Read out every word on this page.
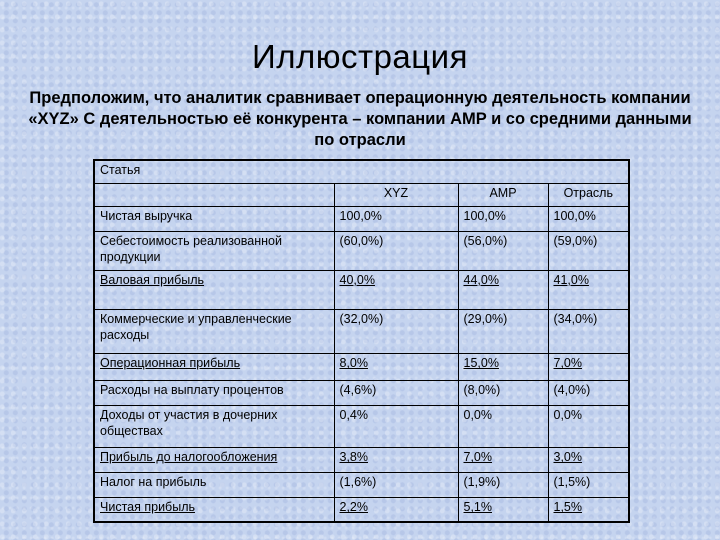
Иллюстрация
Предположим, что аналитик сравнивает операционную деятельность компании «XYZ» С деятельностью её конкурента – компании AMP и со средними данными по отрасли
Статья			
	XYZ	AMP	Отрасль
Чистая выручка	100,0%	100,0%	100,0%
Себестоимость реализованной продукции	(60,0%)	(56,0%)	(59,0%)
Валовая прибыль	40,0%	44,0%	41,0%
Коммерческие и управленческие расходы	(32,0%)	(29,0%)	(34,0%)
Операционная прибыль	8,0%	15,0%	7,0%
Расходы на выплату процентов	(4,6%)	(8,0%)	(4,0%)
Доходы от участия в дочерних обществах	0,4%	0,0%	0,0%
Прибыль до налогообложения	3,8%	7,0%	3,0%
Налог на прибыль	(1,6%)	(1,9%)	(1,5%)
Чистая прибыль	2,2%	5,1%	1,5%
